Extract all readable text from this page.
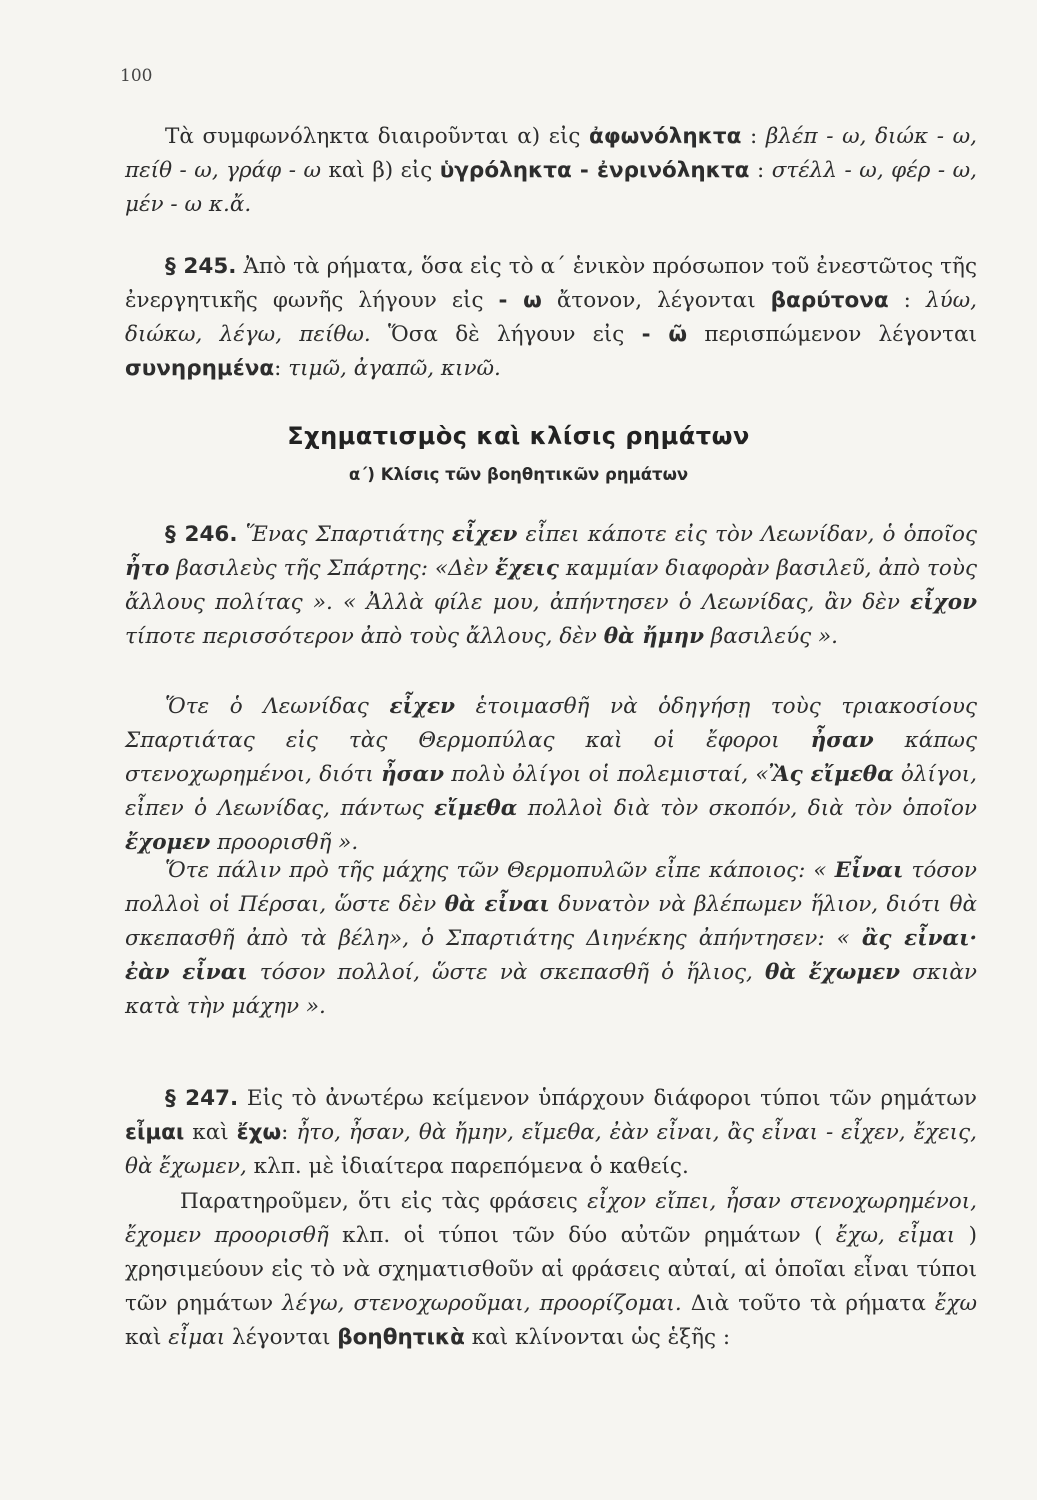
100
Τὰ συμφωνόληκτα διαιροῦνται α) εἰς ἀφωνόληκτα : βλέπ - ω, διώκ - ω, πείθ - ω, γράφ - ω καὶ β) εἰς ὑγρόληκτα - ἐνρινόληκτα : στέλλ - ω, φέρ - ω, μέν - ω κ.ἄ.
§ 245. Ἀπὸ τὰ ρήματα, ὅσα εἰς τὸ α΄ ἑνικὸν πρόσωπον τοῦ ἐνεστῶτος τῆς ἐνεργητικῆς φωνῆς λήγουν εἰς - ω ἄτονον, λέγονται βαρύτονα : λύω, διώκω, λέγω, πείθω. Ὅσα δὲ λήγουν εἰς - ῶ περισπώμενον λέγονται συνηρημένα: τιμῶ, ἀγαπῶ, κινῶ.
Σχηματισμὸς καὶ κλίσις ρημάτων
α΄) Κλίσις τῶν βοηθητικῶν ρημάτων
§ 246. Ἕνας Σπαρτιάτης εἶχεν εἶπει κάποτε εἰς τὸν Λεωνίδαν, ὁ ὁποῖος ἦτο βασιλεὺς τῆς Σπάρτης: «Δὲν ἔχεις καμμίαν διαφορὰν βασιλεῦ, ἀπὸ τοὺς ἄλλους πολίτας ». « Ἀλλὰ φίλε μου, ἀπήντησεν ὁ Λεωνίδας, ἂν δὲν εἶχον τίποτε περισσότερον ἀπὸ τοὺς ἄλλους, δὲν θὰ ἤμην βασιλεύς ».
Ὅτε ὁ Λεωνίδας εἶχεν ἑτοιμασθῆ νὰ ὁδηγήσῃ τοὺς τριακοσίους Σπαρτιάτας εἰς τὰς Θερμοπύλας καὶ οἱ ἔφοροι ἦσαν κάπως στενοχωρημένοι, διότι ἦσαν πολὺ ὀλίγοι οἱ πολεμισταί, «Ἂς εἴμεθα ὀλίγοι, εἶπεν ὁ Λεωνίδας, πάντως εἴμεθα πολλοὶ διὰ τὸν σκοπόν, διὰ τὸν ὁποῖον ἔχομεν προορισθῆ ».
Ὅτε πάλιν πρὸ τῆς μάχης τῶν Θερμοπυλῶν εἶπε κάποιος: « Εἶναι τόσον πολλοὶ οἱ Πέρσαι, ὥστε δὲν θὰ εἶναι δυνατὸν νὰ βλέπωμεν ἥλιον, διότι θὰ σκεπασθῆ ἀπὸ τὰ βέλη», ὁ Σπαρτιάτης Διηνέκης ἀπήντησεν: « ἂς εἶναι· ἐὰν εἶναι τόσον πολλοί, ὥστε νὰ σκεπασθῆ ὁ ἥλιος, θὰ ἔχωμεν σκιὰν κατὰ τὴν μάχην ».
§ 247. Εἰς τὸ ἀνωτέρω κείμενον ὑπάρχουν διάφοροι τύποι τῶν ρημάτων εἶμαι καὶ ἔχω: ἦτο, ἦσαν, θὰ ἤμην, εἴμεθα, ἐὰν εἶναι, ἂς εἶναι - εἶχεν, ἔχεις, θὰ ἔχωμεν, κλπ. μὲ ἰδιαίτερα παρεπόμενα ὁ καθείς.
Παρατηροῦμεν, ὅτι εἰς τὰς φράσεις εἶχον εἴπει, ἦσαν στενοχωρημένοι, ἔχομεν προορισθῆ κλπ. οἱ τύποι τῶν δύο αὐτῶν ρημάτων ( ἔχω, εἶμαι ) χρησιμεύουν εἰς τὸ νὰ σχηματισθοῦν αἱ φράσεις αὐταί, αἱ ὁποῖαι εἶναι τύποι τῶν ρημάτων λέγω, στενοχωροῦμαι, προορίζομαι. Διὰ τοῦτο τὰ ρήματα ἔχω καὶ εἶμαι λέγονται βοηθητικὰ καὶ κλίνονται ὡς ἑξῆς :
